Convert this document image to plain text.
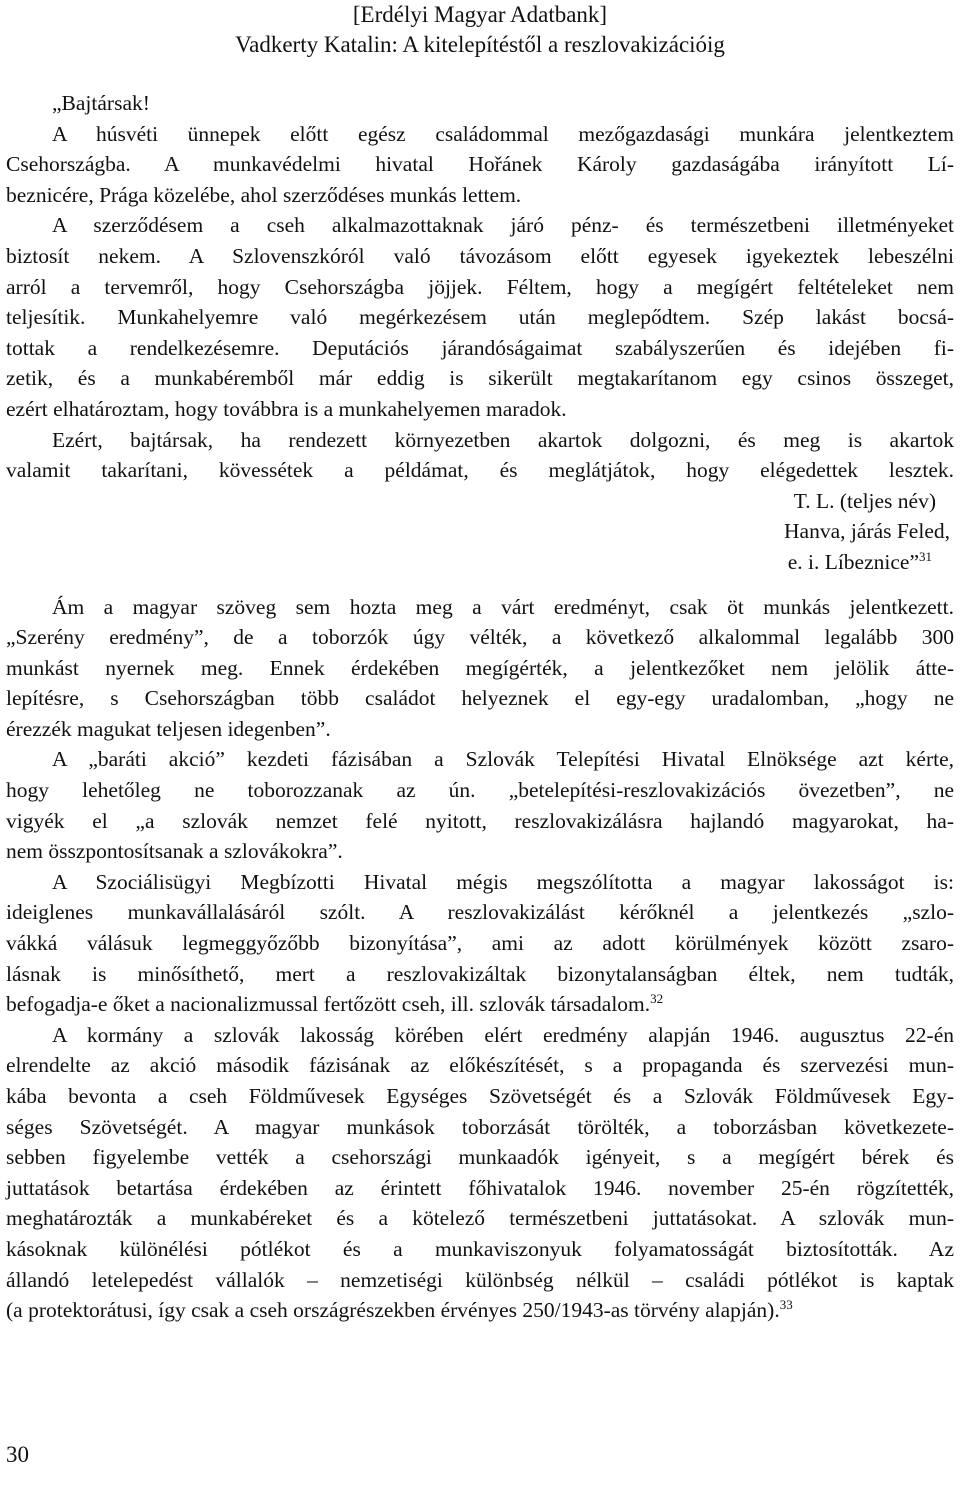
[Erdélyi Magyar Adatbank]
Vadkerty Katalin: A kitelepítéstől a reszlovakizációig
„Bajtársak!
A húsvéti ünnepek előtt egész családommal mezőgazdasági munkára jelentkeztem
Csehországba. A munkavédelmi hivatal Hořánek Károly gazdaságába irányított Lí-
beznicére, Prága közelébe, ahol szerződéses munkás lettem.
A szerződésem a cseh alkalmazottaknak járó pénz- és természetbeni illetményeket
biztosít nekem. A Szlovenszkóról való távozásom előtt egyesek igyekeztek lebeszélni
arról a tervemről, hogy Csehországba jöjjek. Féltem, hogy a megígért feltételeket nem
teljesítik. Munkahelyemre való megérkezésem után meglepődtem. Szép lakást bocsá-
tottak a rendelkezésemre. Deputációs járandóságaimat szabályszerűen és idejében fi-
zetik, és a munkabéremből már eddig is sikerült megtakarítanom egy csinos összeget,
ezért elhatároztam, hogy továbbra is a munkahelyemen maradok.
Ezért, bajtársak, ha rendezett környezetben akartok dolgozni, és meg is akartok
valamit takarítani, kövessétek a példámat, és meglátjátok, hogy elégedettek lesztek.
T. L. (teljes név)
Hanva, járás Feled,
e. i. Líbeznice”$^{31}$
Ám a magyar szöveg sem hozta meg a várt eredményt, csak öt munkás jelentkezett.
„Szerény eredmény”, de a toborzók úgy vélték, a következő alkalommal legalább 300
munkást nyernek meg. Ennek érdekében megígérték, a jelentkezőket nem jelölik átte-
lepítésre, s Csehországban több családot helyeznek el egy-egy uradalomban, „hogy ne
érezzék magukat teljesen idegenben”.
A „baráti akció” kezdeti fázisában a Szlovák Telepítési Hivatal Elnöksége azt kérte,
hogy lehetőleg ne toborozzanak az ún. „betelepítési-reszlovakizációs övezetben”, ne
vigyék el „a szlovák nemzet felé nyitott, reszlovakizálásra hajlandó magyarokat, ha-
nem összpontosítsanak a szlovákokra”.
A Szociálisügyi Megbízotti Hivatal mégis megszólította a magyar lakosságot is:
ideiglenes munkavállalásáról szólt. A reszlovakizálást kérőknél a jelentkezés „szlo-
vákká válásuk legmeggyőzőbb bizonyítása”, ami az adott körülmények között zsaro-
lásnak is minősíthető, mert a reszlovakizáltak bizonytalanságban éltek, nem tudták,
befogadja-e őket a nacionalizmussal fertőzött cseh, ill. szlovák társadalom.$^{32}$
A kormány a szlovák lakosság körében elért eredmény alapján 1946. augusztus 22-én
elrendelte az akció második fázisának az előkészítését, s a propaganda és szervezési mun-
kába bevonta a cseh Földművesek Egységes Szövetségét és a Szlovák Földművesek Egy-
séges Szövetségét. A magyar munkások toborzását törölték, a toborzásban következete-
sebben figyelembe vették a csehországi munkaadók igényeit, s a megígért bérek és
juttatások betartása érdekében az érintett főhivatalok 1946. november 25-én rögzítették,
meghatározták a munkabéreket és a kötelező természetbeni juttatásokat. A szlovák mun-
kásoknak különélési pótlékot és a munkaviszonyuk folyamatosságát biztosították. Az
állandó letelepedést vállalók – nemzetiségi különbség nélkül – családi pótlékot is kaptak
(a protektorátusi, így csak a cseh országrészekben érvényes 250/1943-as törvény alapján).$^{33}$
30
